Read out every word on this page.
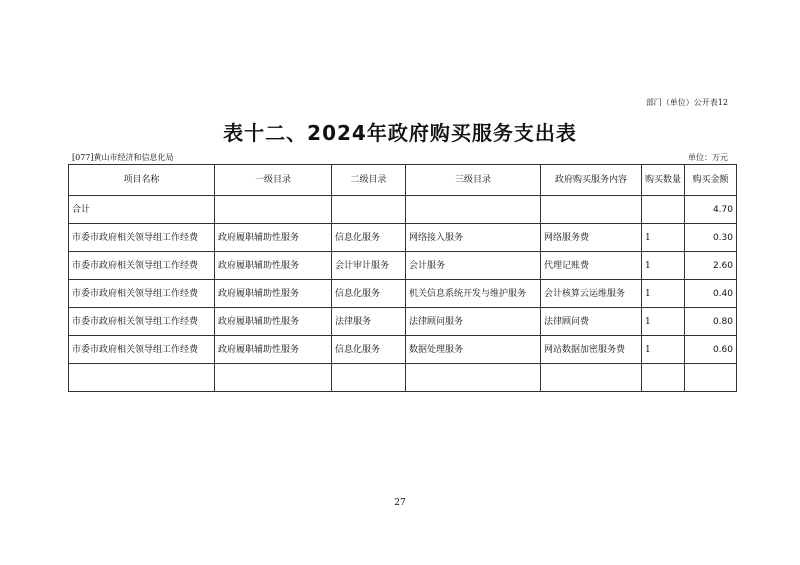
部门（单位）公开表12
表十二、2024年政府购买服务支出表
[077]黄山市经济和信息化局	单位：万元
项目名称	一级目录	二级目录	三级目录	政府购买服务内容	购买数量	购买金额
合计						4.70
市委市政府相关领导组工作经费	政府履职辅助性服务	信息化服务	网络接入服务	网络服务费	1	0.30
市委市政府相关领导组工作经费	政府履职辅助性服务	会计审计服务	会计服务	代理记账费	1	2.60
市委市政府相关领导组工作经费	政府履职辅助性服务	信息化服务	机关信息系统开发与维护服务	会计核算云运维服务	1	0.40
市委市政府相关领导组工作经费	政府履职辅助性服务	法律服务	法律顾问服务	法律顾问费	1	0.80
市委市政府相关领导组工作经费	政府履职辅助性服务	信息化服务	数据处理服务	网站数据加密服务费	1	0.60

27
